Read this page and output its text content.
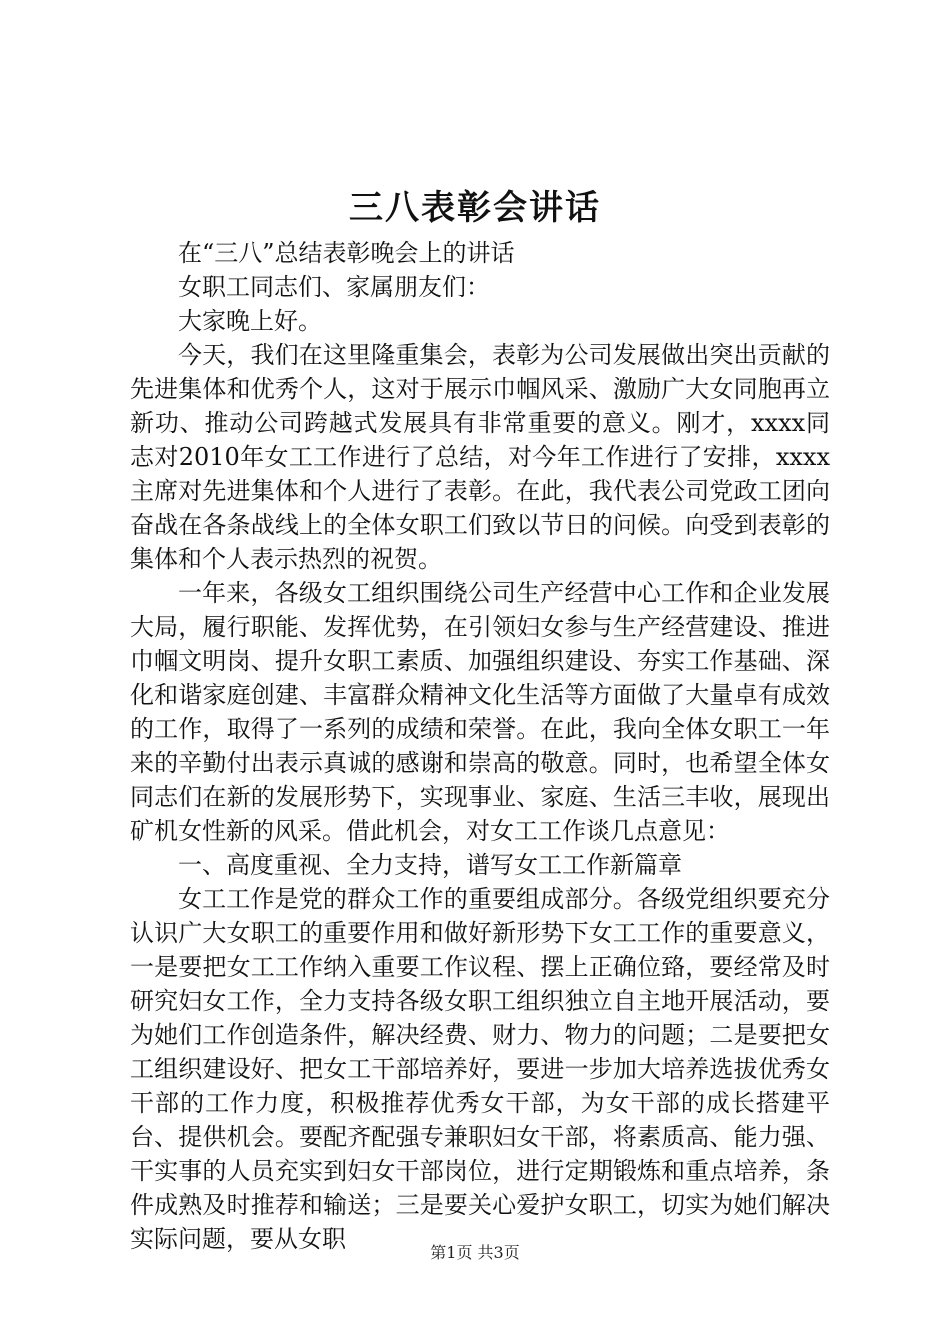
三八表彰会讲话

在“三八”总结表彰晚会上的讲话

女职工同志们、家属朋友们：

大家晚上好。

今天，我们在这里隆重集会，表彰为公司发展做出突出贡献的先进集体和优秀个人，这对于展示巾帼风采、激励广大女同胞再立新功、推动公司跨越式发展具有非常重要的意义。刚才，xxxx同志对2010年女工工作进行了总结，对今年工作进行了安排，xxxx主席对先进集体和个人进行了表彰。在此，我代表公司党政工团向奋战在各条战线上的全体女职工们致以节日的问候。向受到表彰的集体和个人表示热烈的祝贺。

一年来，各级女工组织围绕公司生产经营中心工作和企业发展大局，履行职能、发挥优势，在引领妇女参与生产经营建设、推进巾帼文明岗、提升女职工素质、加强组织建设、夯实工作基础、深化和谐家庭创建、丰富群众精神文化生活等方面做了大量卓有成效的工作，取得了一系列的成绩和荣誉。在此，我向全体女职工一年来的辛勤付出表示真诚的感谢和崇高的敬意。同时，也希望全体女同志们在新的发展形势下，实现事业、家庭、生活三丰收，展现出矿机女性新的风采。借此机会，对女工工作谈几点意见：

一、高度重视、全力支持，谱写女工工作新篇章

女工工作是党的群众工作的重要组成部分。各级党组织要充分认识广大女职工的重要作用和做好新形势下女工工作的重要意义，一是要把女工工作纳入重要工作议程、摆上正确位臵，要经常及时研究妇女工作，全力支持各级女职工组织独立自主地开展活动，要为她们工作创造条件，解决经费、财力、物力的问题；二是要把女工组织建设好、把女工干部培养好，要进一步加大培养选拔优秀女干部的工作力度，积极推荐优秀女干部，为女干部的成长搭建平台、提供机会。要配齐配强专兼职妇女干部，将素质高、能力强、干实事的人员充实到妇女干部岗位，进行定期锻炼和重点培养，条件成熟及时推荐和输送；三是要关心爱护女职工，切实为她们解决实际问题，要从女职	第1页 共3页
